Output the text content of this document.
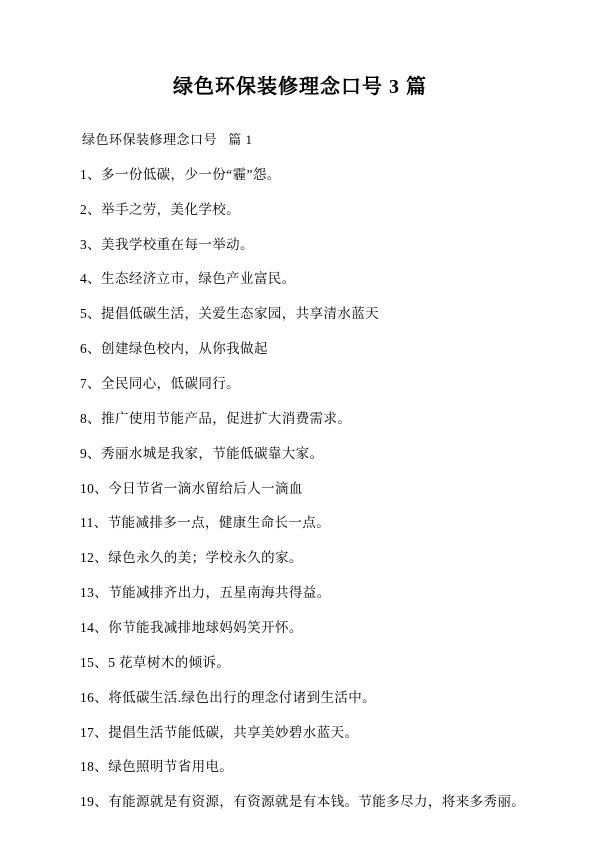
绿色环保装修理念口号 3 篇
绿色环保装修理念口号   篇 1
1、多一份低碳，少一份“霾”怨。
2、举手之劳，美化学校。
3、美我学校重在每一举动。
4、生态经济立市，绿色产业富民。
5、提倡低碳生活，关爱生态家园，共享清水蓝天
6、创建绿色校内，从你我做起
7、全民同心，低碳同行。
8、推广使用节能产品，促进扩大消费需求。
9、秀丽水城是我家，节能低碳靠大家。
10、今日节省一滴水留给后人一滴血
11、节能减排多一点，健康生命长一点。
12、绿色永久的美；学校永久的家。
13、节能减排齐出力，五星南海共得益。
14、你节能我减排地球妈妈笑开怀。
15、5 花草树木的倾诉。
16、将低碳生活.绿色出行的理念付诸到生活中。
17、提倡生活节能低碳，共享美妙碧水蓝天。
18、绿色照明节省用电。
19、有能源就是有资源，有资源就是有本钱。节能多尽力，将来多秀丽。
